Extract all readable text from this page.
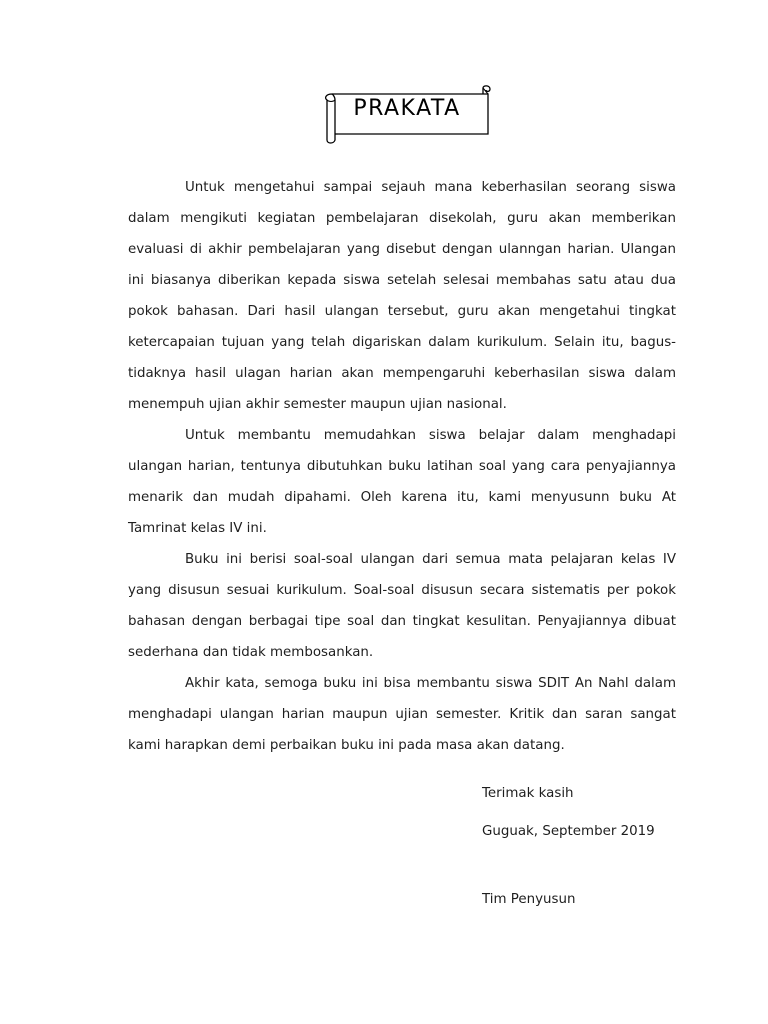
PRAKATA

Untuk mengetahui sampai sejauh mana keberhasilan seorang siswa dalam mengikuti kegiatan pembelajaran disekolah, guru akan memberikan evaluasi di akhir pembelajaran yang disebut dengan ulanngan harian. Ulangan ini biasanya diberikan kepada siswa setelah selesai membahas satu atau dua pokok bahasan. Dari hasil ulangan tersebut, guru akan mengetahui tingkat ketercapaian tujuan yang telah digariskan dalam kurikulum. Selain itu, bagus-tidaknya hasil ulagan harian akan mempengaruhi keberhasilan siswa dalam menempuh ujian akhir semester maupun ujian nasional.

Untuk membantu memudahkan siswa belajar dalam menghadapi ulangan harian, tentunya dibutuhkan buku latihan soal yang cara penyajiannya menarik dan mudah dipahami. Oleh karena itu, kami menyusunn buku At Tamrinat kelas IV ini.

Buku ini berisi soal-soal ulangan dari semua mata pelajaran kelas IV yang disusun sesuai kurikulum. Soal-soal disusun secara sistematis per pokok bahasan dengan berbagai tipe soal dan tingkat kesulitan. Penyajiannya dibuat sederhana dan tidak membosankan.

Akhir kata, semoga buku ini bisa membantu siswa SDIT An Nahl dalam menghadapi ulangan harian maupun ujian semester. Kritik dan saran sangat kami harapkan demi perbaikan buku ini pada masa akan datang.

Terimak kasih
Guguak, September 2019
Tim Penyusun
